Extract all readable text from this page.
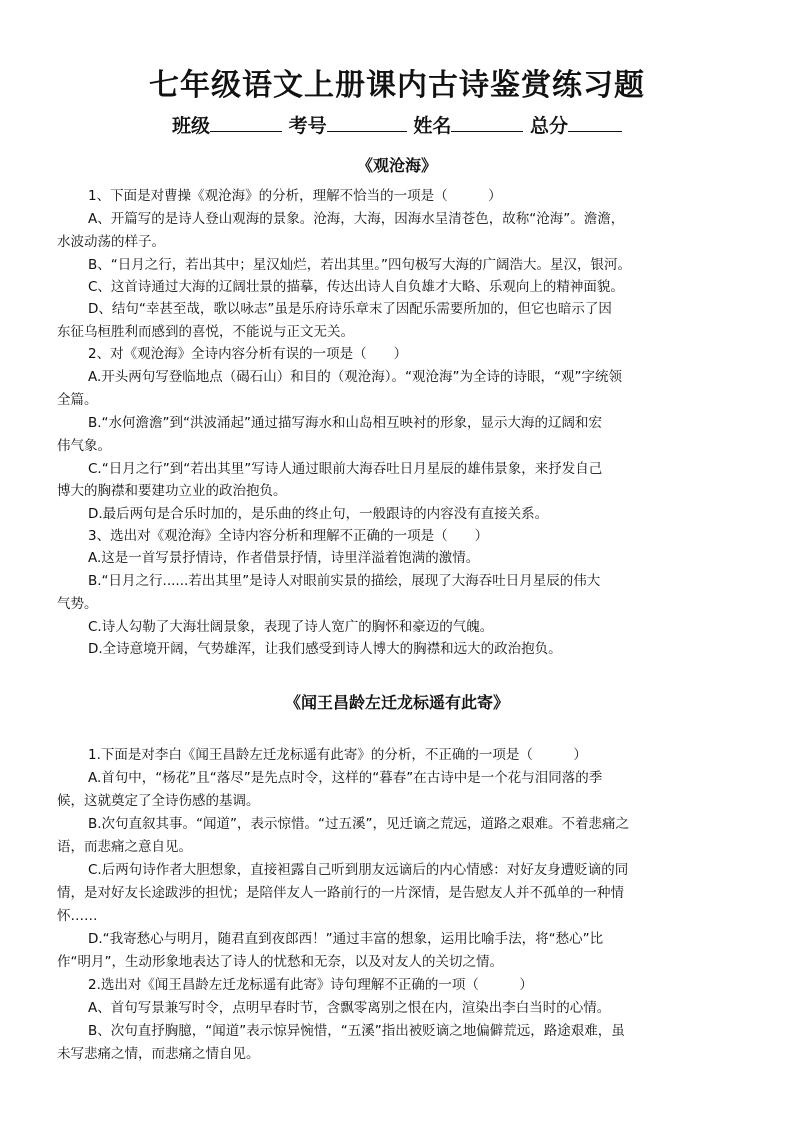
七年级语文上册课内古诗鉴赏练习题
班级	考号	姓名	总分
《观沧海》
1、下面是对曹操《观沧海》的分析，理解不恰当的一项是（　　　）
A、开篇写的是诗人登山观海的景象。沧海，大海，因海水呈清苍色，故称“沧海”。澹澹，
水波动荡的样子。
B、“日月之行，若出其中；星汉灿烂，若出其里。”四句极写大海的广阔浩大。星汉，银河。
C、这首诗通过大海的辽阔壮景的描摹，传达出诗人自负雄才大略、乐观向上的精神面貌。
D、结句“幸甚至哉，歌以咏志”虽是乐府诗乐章末了因配乐需要所加的，但它也暗示了因
东征乌桓胜利而感到的喜悦，不能说与正文无关。
2、对《观沧海》全诗内容分析有误的一项是（　　）
A.开头两句写登临地点（碣石山）和目的（观沧海）。“观沧海”为全诗的诗眼，“观”字统领
全篇。
B.“水何澹澹”到“洪波涌起”通过描写海水和山岛相互映衬的形象，显示大海的辽阔和宏
伟气象。
C.“日月之行”到“若出其里”写诗人通过眼前大海吞吐日月星辰的雄伟景象，来抒发自己
博大的胸襟和要建功立业的政治抱负。
D.最后两句是合乐时加的，是乐曲的终止句，一般跟诗的内容没有直接关系。
3、选出对《观沧海》全诗内容分析和理解不正确的一项是（　　）
A.这是一首写景抒情诗，作者借景抒情，诗里洋溢着饱满的激情。
B.“日月之行......若出其里”是诗人对眼前实景的描绘，展现了大海吞吐日月星辰的伟大
气势。
C.诗人勾勒了大海壮阔景象，表现了诗人宽广的胸怀和豪迈的气魄。
D.全诗意境开阔，气势雄浑，让我们感受到诗人博大的胸襟和远大的政治抱负。
《闻王昌龄左迁龙标遥有此寄》
1.下面是对李白《闻王昌龄左迁龙标遥有此寄》的分析，不正确的一项是（　　　）
A.首句中，“杨花”且“落尽”是先点时令，这样的“暮春”在古诗中是一个花与泪同落的季
候，这就奠定了全诗伤感的基调。
B.次句直叙其事。“闻道”，表示惊惜。“过五溪”，见迁谪之荒远，道路之艰难。不着悲痛之
语，而悲痛之意自见。
C.后两句诗作者大胆想象，直接袒露自己听到朋友远谪后的内心情感：对好友身遭贬谪的同
情，是对好友长途跋涉的担忧；是陪伴友人一路前行的一片深情，是告慰友人并不孤单的一种情
怀……
D.“我寄愁心与明月，随君直到夜郎西！”通过丰富的想象，运用比喻手法，将“愁心”比
作“明月”，生动形象地表达了诗人的忧愁和无奈，以及对友人的关切之情。
2.选出对《闻王昌龄左迁龙标遥有此寄》诗句理解不正确的一项（　　　）
A、首句写景兼写时令，点明早春时节，含飘零离别之恨在内，渲染出李白当时的心情。
B、次句直抒胸臆，“闻道”表示惊异惋惜，“五溪”指出被贬谪之地偏僻荒远，路途艰难，虽
未写悲痛之情，而悲痛之情自见。
